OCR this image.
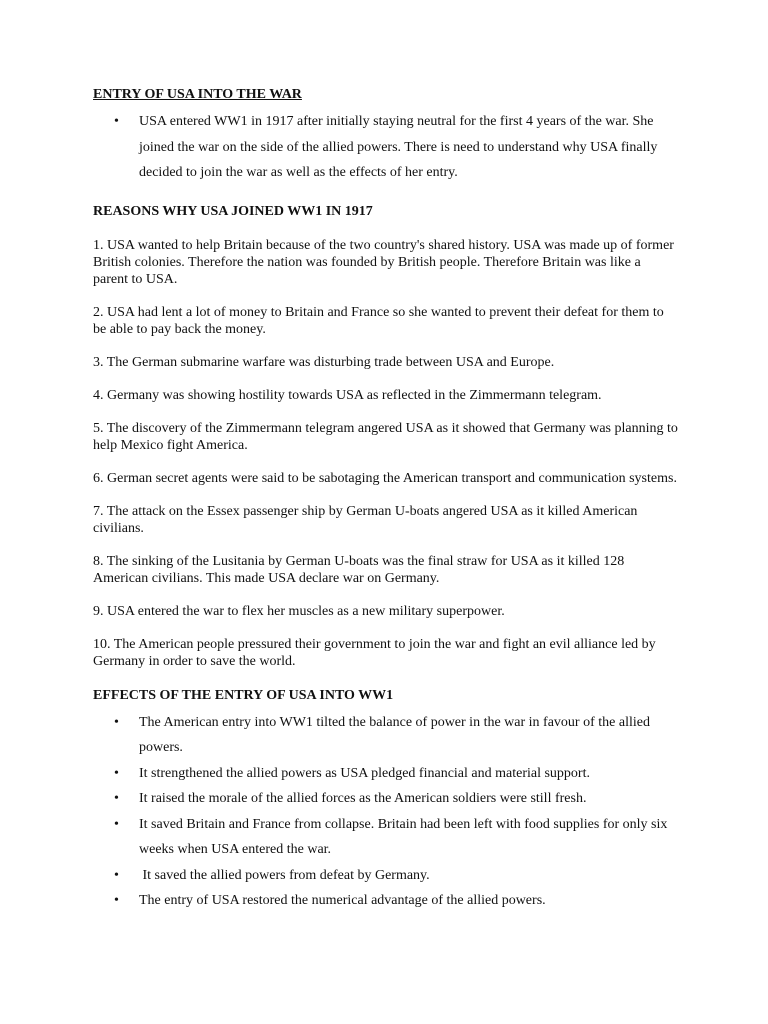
ENTRY OF USA INTO THE WAR

• USA entered WW1 in 1917 after initially staying neutral for the first 4 years of the war. She joined the war on the side of the allied powers. There is need to understand why USA finally decided to join the war as well as the effects of her entry.

REASONS WHY USA JOINED WW1 IN 1917

1. USA wanted to help Britain because of the two country's shared history. USA was made up of former British colonies. Therefore the nation was founded by British people. Therefore Britain was like a parent to USA.

2. USA had lent a lot of money to Britain and France so she wanted to prevent their defeat for them to be able to pay back the money.

3. The German submarine warfare was disturbing trade between USA and Europe.

4. Germany was showing hostility towards USA as reflected in the Zimmermann telegram.

5. The discovery of the Zimmermann telegram angered USA as it showed that Germany was planning to help Mexico fight America.

6. German secret agents were said to be sabotaging the American transport and communication systems.

7. The attack on the Essex passenger ship by German U-boats angered USA as it killed American civilians.

8. The sinking of the Lusitania by German U-boats was the final straw for USA as it killed 128 American civilians. This made USA declare war on Germany.

9. USA entered the war to flex her muscles as a new military superpower.

10. The American people pressured their government to join the war and fight an evil alliance led by Germany in order to save the world.

EFFECTS OF THE ENTRY OF USA INTO WW1

• The American entry into WW1 tilted the balance of power in the war in favour of the allied powers.
• It strengthened the allied powers as USA pledged financial and material support.
• It raised the morale of the allied forces as the American soldiers were still fresh.
• It saved Britain and France from collapse. Britain had been left with food supplies for only six weeks when USA entered the war.
• It saved the allied powers from defeat by Germany.
• The entry of USA restored the numerical advantage of the allied powers.
